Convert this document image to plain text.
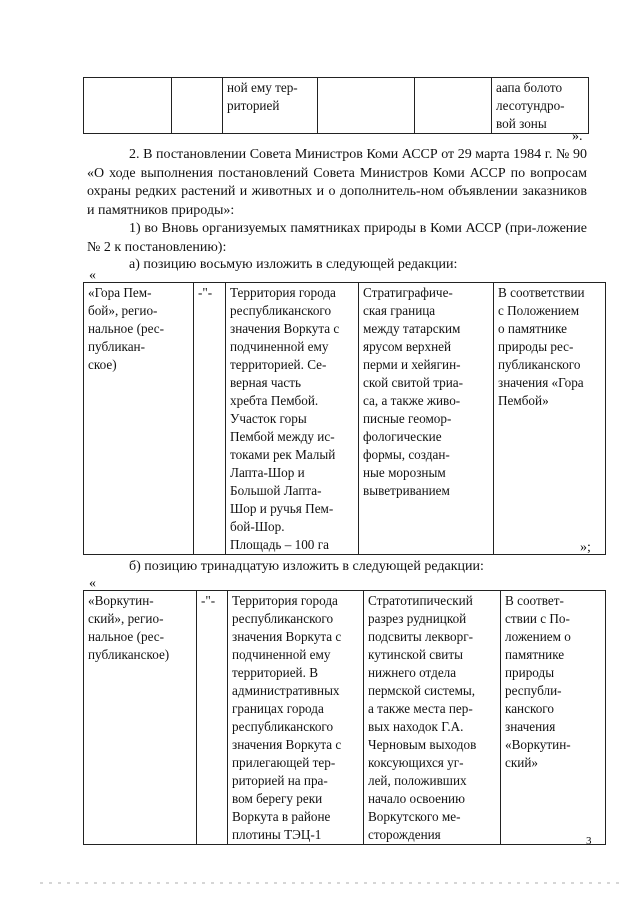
		ной ему тер-
риторией			аапа болото
лесотундро-
вой зоны
».
2. В постановлении Совета Министров Коми АССР от 29 марта 1984 г. № 90 «О ходе выполнения постановлений Совета Министров Коми АССР по вопросам охраны редких растений и животных и о дополнитель-ном объявлении заказников и памятников природы»:
1) во Вновь организуемых памятниках природы в Коми АССР (при-ложение № 2 к постановлению):
а) позицию восьмую изложить в следующей редакции:
«
«Гора Пем-
бой», регио-
нальное (рес-
публикан-
ское)	-"-	Территория города
республиканского
значения Воркута с
подчиненной ему
территорией. Се-
верная часть
хребта Пембой.
Участок горы
Пембой между ис-
токами рек Малый
Лапта-Шор и
Большой Лапта-
Шор и ручья Пем-
бой-Шор.
Площадь – 100 га	Стратиграфиче-
ская граница
между татарским
ярусом верхней
перми и хейягин-
ской свитой триа-
са, а также живо-
писные геомор-
фологические
формы, создан-
ные морозным
выветриванием	В соответствии
с Положением
о памятнике
природы рес-
публиканского
значения «Гора
Пембой»
»;
б) позицию тринадцатую изложить в следующей редакции:
«
«Воркутин-
ский», регио-
нальное (рес-
публиканское)	-"-	Территория города
республиканского
значения Воркута с
подчиненной ему
территорией. В
административных
границах города
республиканского
значения Воркута с
прилегающей тер-
риторией на пра-
вом берегу реки
Воркута в районе
плотины ТЭЦ-1	Стратотипический
разрез рудницкой
подсвиты лекворг-
кутинской свиты
нижнего отдела
пермской системы,
а также места пер-
вых находок Г.А.
Черновым выходов
коксующихся уг-
лей, положивших
начало освоению
Воркутского ме-
сторождения	В соответ-
ствии с По-
ложением о
памятнике
природы
республи-
канского
значения
«Воркутин-
ский»
3
